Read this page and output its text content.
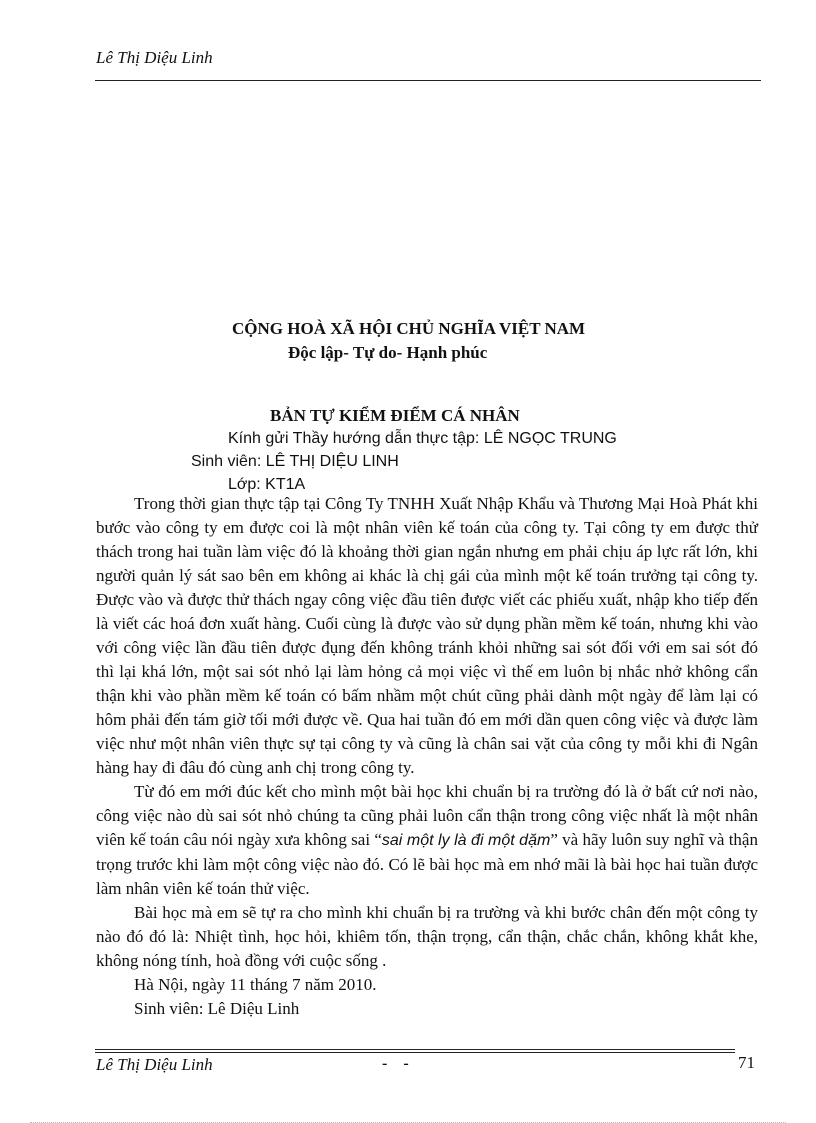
Lê Thị Diệu Linh
CỘNG HOÀ XÃ HỘI CHỦ NGHĨA VIỆT NAM
Độc lập- Tự do- Hạnh phúc
BẢN TỰ KIỂM ĐIỂM CÁ NHÂN
Kính gửi Thầy hướng dẫn thực tập: LÊ NGỌC TRUNG
Sinh viên: LÊ THỊ DIỆU LINH
Lớp: KT1A

Trong thời gian thực tập tại Công Ty TNHH Xuất Nhập Khẩu và Thương Mại Hoà Phát khi bước vào công ty em được coi là một nhân viên kế toán của công ty. Tại công ty em được thử thách trong hai tuần làm việc đó là khoảng thời gian ngắn nhưng em phải chịu áp lực rất lớn, khi người quản lý sát sao bên em không ai khác là chị gái của mình một kế toán trưởng tại công ty. Được vào và được thử thách ngay công việc đầu tiên được viết các phiếu xuất, nhập kho tiếp đến là viết các hoá đơn xuất hàng. Cuối cùng là được vào sử dụng phần mềm kế toán, nhưng khi vào với công việc lần đầu tiên được đụng đến không tránh khỏi những sai sót đối với em sai sót đó thì lại khá lớn, một sai sót nhỏ lại làm hỏng cả mọi việc vì thế em luôn bị nhắc nhở không cẩn thận khi vào phần mềm kế toán có bấm nhầm một chút cũng phải dành một ngày để làm lại có hôm phải đến tám giờ tối mới được về. Qua hai tuần đó em mới dần quen công việc và được làm việc như một nhân viên thực sự tại công ty và cũng là chân sai vặt của công ty mỗi khi đi Ngân hàng hay đi đâu đó cùng anh chị trong công ty.

Từ đó em mới đúc kết cho mình một bài học khi chuẩn bị ra trường đó là ở bất cứ nơi nào, công việc nào dù sai sót nhỏ chúng ta cũng phải luôn cẩn thận trong công việc nhất là một nhân viên kế toán câu nói ngày xưa không sai “sai một ly là đi một dặm” và hãy luôn suy nghĩ và thận trọng trước khi làm một công việc nào đó. Có lẽ bài học mà em nhớ mãi là bài học hai tuần được làm nhân viên kế toán thử việc.

Bài học mà em sẽ tự ra cho mình khi chuẩn bị ra trường và khi bước chân đến một công ty nào đó đó là: Nhiệt tình, học hỏi, khiêm tốn, thận trọng, cẩn thận, chắc chắn, không khắt khe, không nóng tính, hoà đồng với cuộc sống .

Hà Nội, ngày 11 tháng 7 năm 2010.

Sinh viên: Lê Diệu Linh

Lê Thị Diệu Linh	- -	71
